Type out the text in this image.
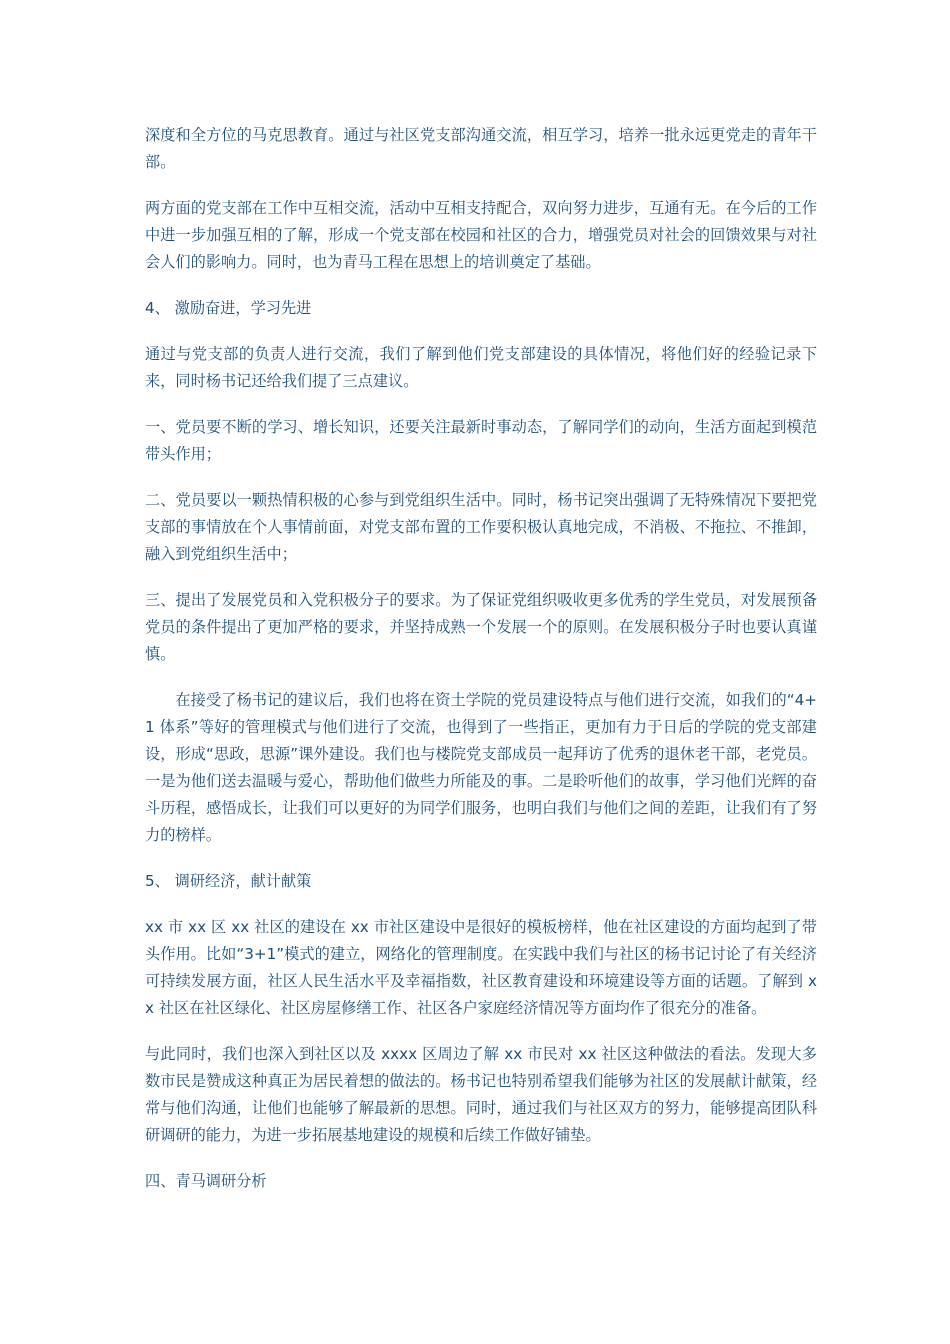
深度和全方位的马克思教育。通过与社区党支部沟通交流，相互学习，培养一批永远更党走的青年干部。

两方面的党支部在工作中互相交流，活动中互相支持配合，双向努力进步，互通有无。在今后的工作中进一步加强互相的了解，形成一个党支部在校园和社区的合力，增强党员对社会的回馈效果与对社会人们的影响力。同时，也为青马工程在思想上的培训奠定了基础。

4、 激励奋进，学习先进

通过与党支部的负责人进行交流，我们了解到他们党支部建设的具体情况，将他们好的经验记录下来，同时杨书记还给我们提了三点建议。

一、党员要不断的学习、增长知识，还要关注最新时事动态，了解同学们的动向，生活方面起到模范带头作用；

二、党员要以一颗热情积极的心参与到党组织生活中。同时，杨书记突出强调了无特殊情况下要把党支部的事情放在个人事情前面，对党支部布置的工作要积极认真地完成，不消极、不拖拉、不推卸，融入到党组织生活中；

三、提出了发展党员和入党积极分子的要求。为了保证党组织吸收更多优秀的学生党员，对发展预备党员的条件提出了更加严格的要求，并坚持成熟一个发展一个的原则。在发展积极分子时也要认真谨慎。

在接受了杨书记的建议后，我们也将在资土学院的党员建设特点与他们进行交流，如我们的“4+1 体系”等好的管理模式与他们进行了交流，也得到了一些指正，更加有力于日后的学院的党支部建设，形成“思政，思源”课外建设。我们也与楼院党支部成员一起拜访了优秀的退休老干部，老党员。一是为他们送去温暖与爱心，帮助他们做些力所能及的事。二是聆听他们的故事，学习他们光辉的奋斗历程，感悟成长，让我们可以更好的为同学们服务，也明白我们与他们之间的差距，让我们有了努力的榜样。

5、 调研经济，献计献策

xx 市 xx 区 xx 社区的建设在 xx 市社区建设中是很好的模板榜样，他在社区建设的方面均起到了带头作用。比如“3+1”模式的建立，网络化的管理制度。在实践中我们与社区的杨书记讨论了有关经济可持续发展方面，社区人民生活水平及幸福指数，社区教育建设和环境建设等方面的话题。了解到 xx 社区在社区绿化、社区房屋修缮工作、社区各户家庭经济情况等方面均作了很充分的准备。

与此同时，我们也深入到社区以及 xxxx 区周边了解 xx 市民对 xx 社区这种做法的看法。发现大多数市民是赞成这种真正为居民着想的做法的。杨书记也特别希望我们能够为社区的发展献计献策，经常与他们沟通，让他们也能够了解最新的思想。同时，通过我们与社区双方的努力，能够提高团队科研调研的能力，为进一步拓展基地建设的规模和后续工作做好铺垫。

四、青马调研分析
